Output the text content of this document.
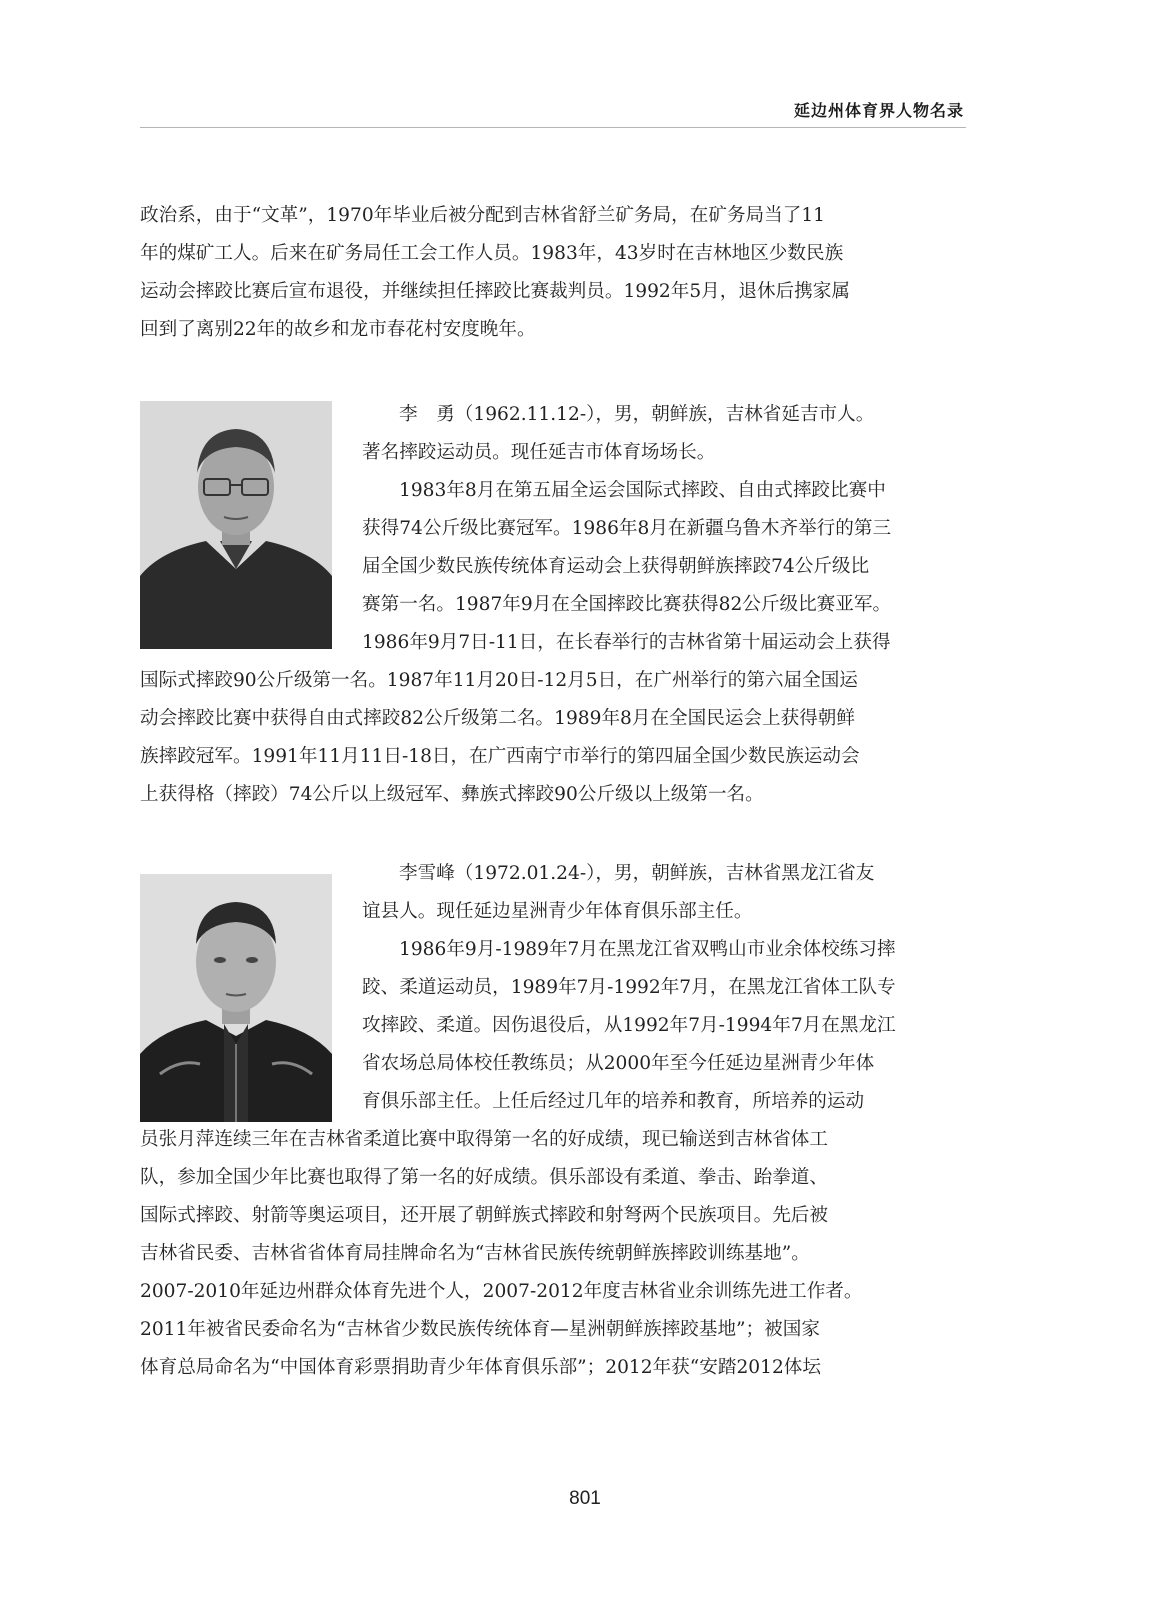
延边州体育界人物名录
政治系，由于“文革”，1970年毕业后被分配到吉林省舒兰矿务局，在矿务局当了11
年的煤矿工人。后来在矿务局任工会工作人员。1983年，43岁时在吉林地区少数民族
运动会摔跤比赛后宣布退役，并继续担任摔跤比赛裁判员。1992年5月，退休后携家属
回到了离别22年的故乡和龙市春花村安度晚年。
李　勇（1962.11.12-），男，朝鲜族，吉林省延吉市人。
著名摔跤运动员。现任延吉市体育场场长。
1983年8月在第五届全运会国际式摔跤、自由式摔跤比赛中
获得74公斤级比赛冠军。1986年8月在新疆乌鲁木齐举行的第三
届全国少数民族传统体育运动会上获得朝鲜族摔跤74公斤级比
赛第一名。1987年9月在全国摔跤比赛获得82公斤级比赛亚军。
1986年9月7日-11日，在长春举行的吉林省第十届运动会上获得
国际式摔跤90公斤级第一名。1987年11月20日-12月5日，在广州举行的第六届全国运
动会摔跤比赛中获得自由式摔跤82公斤级第二名。1989年8月在全国民运会上获得朝鲜
族摔跤冠军。1991年11月11日-18日，在广西南宁市举行的第四届全国少数民族运动会
上获得格（摔跤）74公斤以上级冠军、彝族式摔跤90公斤级以上级第一名。
李雪峰（1972.01.24-），男，朝鲜族，吉林省黑龙江省友
谊县人。现任延边星洲青少年体育俱乐部主任。
1986年9月-1989年7月在黑龙江省双鸭山市业余体校练习摔
跤、柔道运动员，1989年7月-1992年7月，在黑龙江省体工队专
攻摔跤、柔道。因伤退役后，从1992年7月-1994年7月在黑龙江
省农场总局体校任教练员；从2000年至今任延边星洲青少年体
育俱乐部主任。上任后经过几年的培养和教育，所培养的运动
员张月萍连续三年在吉林省柔道比赛中取得第一名的好成绩，现已输送到吉林省体工
队，参加全国少年比赛也取得了第一名的好成绩。俱乐部设有柔道、拳击、跆拳道、
国际式摔跤、射箭等奥运项目，还开展了朝鲜族式摔跤和射弩两个民族项目。先后被
吉林省民委、吉林省省体育局挂牌命名为“吉林省民族传统朝鲜族摔跤训练基地”。
2007-2010年延边州群众体育先进个人，2007-2012年度吉林省业余训练先进工作者。
2011年被省民委命名为“吉林省少数民族传统体育—星洲朝鲜族摔跤基地”；被国家
体育总局命名为“中国体育彩票捐助青少年体育俱乐部”；2012年获“安踏2012体坛
801
